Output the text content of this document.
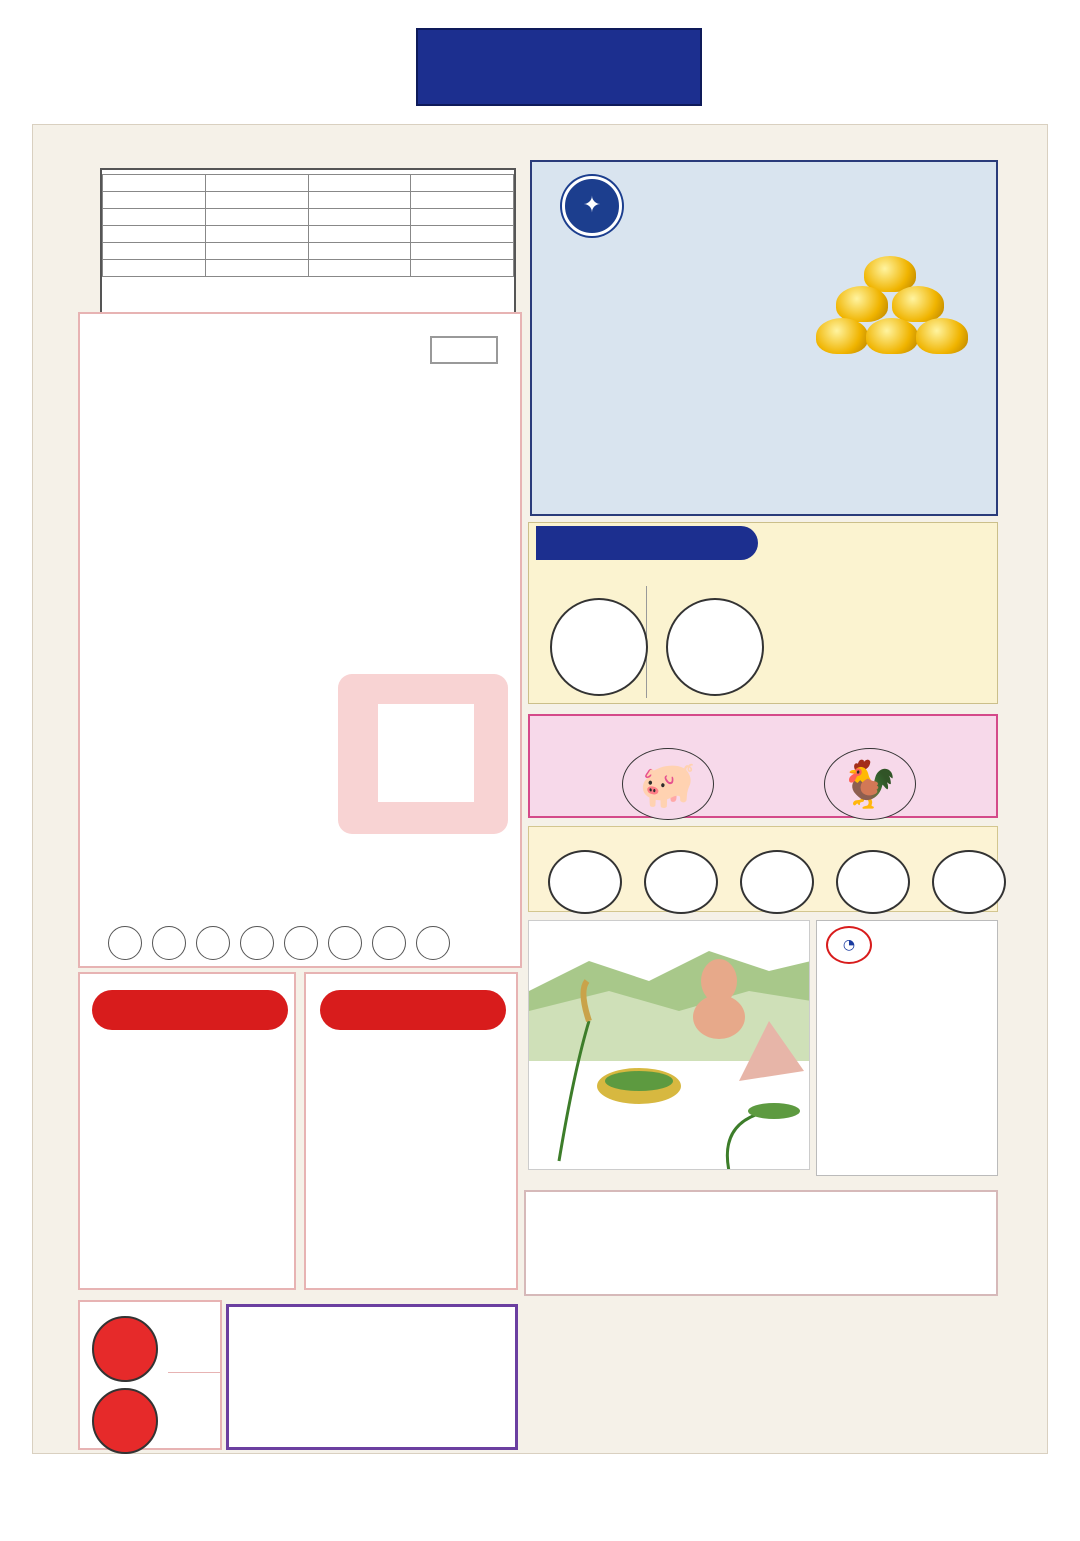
✦
🐖	🐓
◔
